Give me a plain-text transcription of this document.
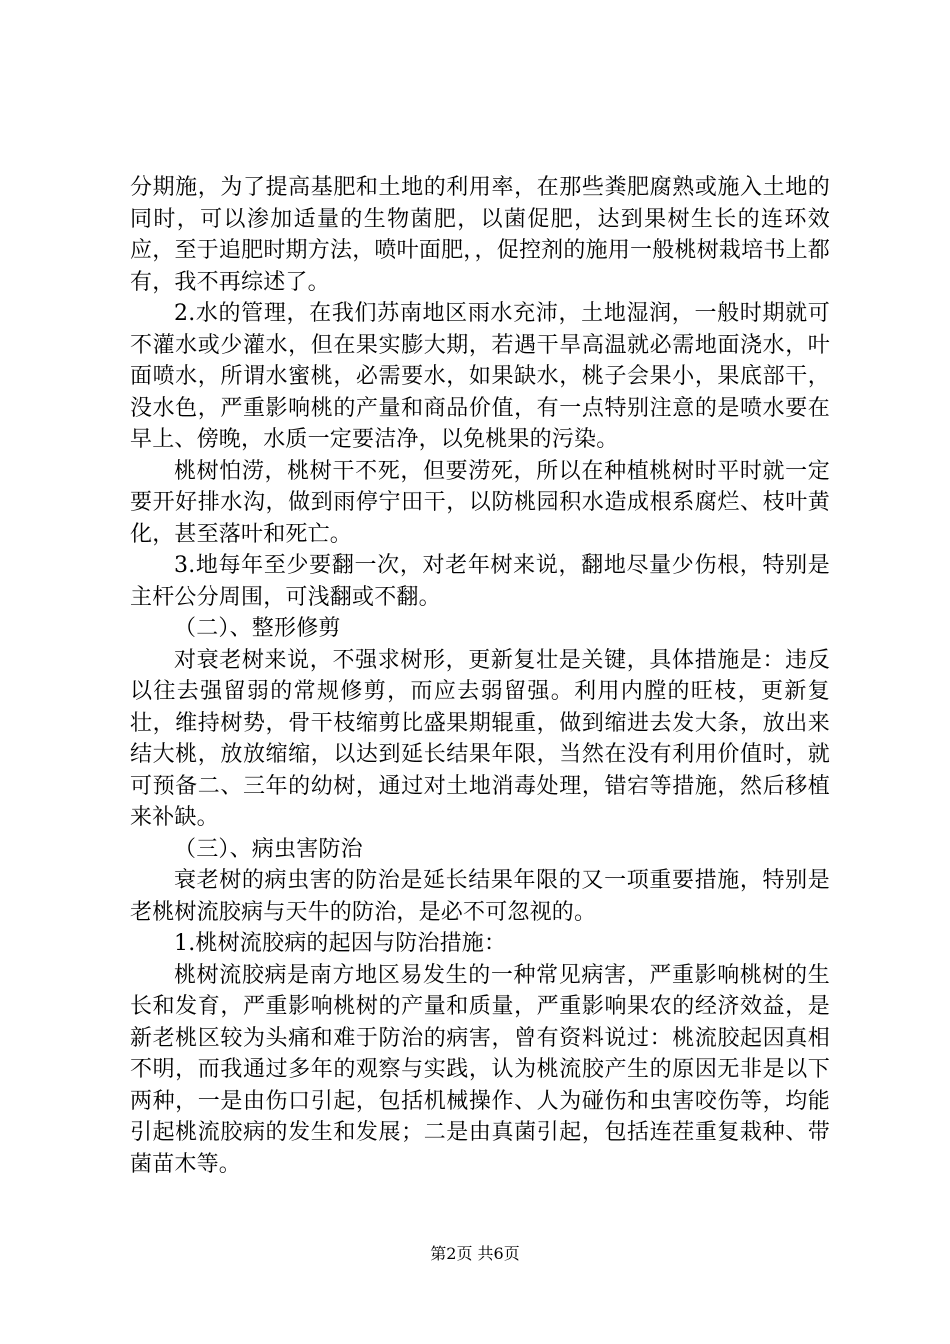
分期施，为了提高基肥和土地的利用率，在那些粪肥腐熟或施入土地的同时，可以渗加适量的生物菌肥，以菌促肥，达到果树生长的连环效应，至于追肥时期方法，喷叶面肥，，促控剂的施用一般桃树栽培书上都有，我不再综述了。

2.水的管理，在我们苏南地区雨水充沛，土地湿润，一般时期就可不灌水或少灌水，但在果实膨大期，若遇干旱高温就必需地面浇水，叶面喷水，所谓水蜜桃，必需要水，如果缺水，桃子会果小，果底部干，没水色，严重影响桃的产量和商品价值，有一点特别注意的是喷水要在早上、傍晚，水质一定要洁净，以免桃果的污染。

桃树怕涝，桃树干不死，但要涝死，所以在种植桃树时平时就一定要开好排水沟，做到雨停宁田干，以防桃园积水造成根系腐烂、枝叶黄化，甚至落叶和死亡。

3.地每年至少要翻一次，对老年树来说，翻地尽量少伤根，特别是主杆公分周围，可浅翻或不翻。

（二）、整形修剪

对衰老树来说，不强求树形，更新复壮是关键，具体措施是：违反以往去强留弱的常规修剪，而应去弱留强。利用内膛的旺枝，更新复壮，维持树势，骨干枝缩剪比盛果期辊重，做到缩进去发大条，放出来结大桃，放放缩缩，以达到延长结果年限，当然在没有利用价值时，就可预备二、三年的幼树，通过对土地消毒处理，错宕等措施，然后移植来补缺。

（三）、病虫害防治

衰老树的病虫害的防治是延长结果年限的又一项重要措施，特别是老桃树流胶病与天牛的防治，是必不可忽视的。

1.桃树流胶病的起因与防治措施：

桃树流胶病是南方地区易发生的一种常见病害，严重影响桃树的生长和发育，严重影响桃树的产量和质量，严重影响果农的经济效益，是新老桃区较为头痛和难于防治的病害，曾有资料说过：桃流胶起因真相不明，而我通过多年的观察与实践，认为桃流胶产生的原因无非是以下两种，一是由伤口引起，包括机械操作、人为碰伤和虫害咬伤等，均能引起桃流胶病的发生和发展；二是由真菌引起，包括连茬重复栽种、带菌苗木等。

第2页 共6页
